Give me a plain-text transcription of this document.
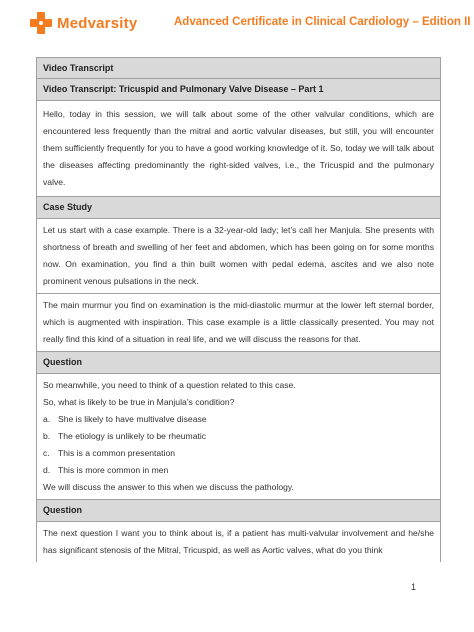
Medvarsity	Advanced Certificate in Clinical Cardiology – Edition II
Video Transcript
Video Transcript: Tricuspid and Pulmonary Valve Disease – Part 1

Hello, today in this session, we will talk about some of the other valvular conditions, which are encountered less frequently than the mitral and aortic valvular diseases, but still, you will encounter them sufficiently frequently for you to have a good working knowledge of it. So, today we will talk about the diseases affecting predominantly the right-sided valves, i.e., the Tricuspid and the pulmonary valve.

Case Study

Let us start with a case example. There is a 32-year-old lady; let’s call her Manjula. She presents with shortness of breath and swelling of her feet and abdomen, which has been going on for some months now. On examination, you find a thin built women with pedal edema, ascites and we also note prominent venous pulsations in the neck.

The main murmur you find on examination is the mid-diastolic murmur at the lower left sternal border, which is augmented with inspiration. This case example is a little classically presented. You may not really find this kind of a situation in real life, and we will discuss the reasons for that.

Question

So meanwhile, you need to think of a question related to this case.

So, what is likely to be true in Manjula’s condition?

a. She is likely to have multivalve disease
b. The etiology is unlikely to be rheumatic
c. This is a common presentation
d. This is more common in men

We will discuss the answer to this when we discuss the pathology.

Question

The next question I want you to think about is, if a patient has multi-valvular involvement and he/she has significant stenosis of the Mitral, Tricuspid, as well as Aortic valves, what do you think

1
